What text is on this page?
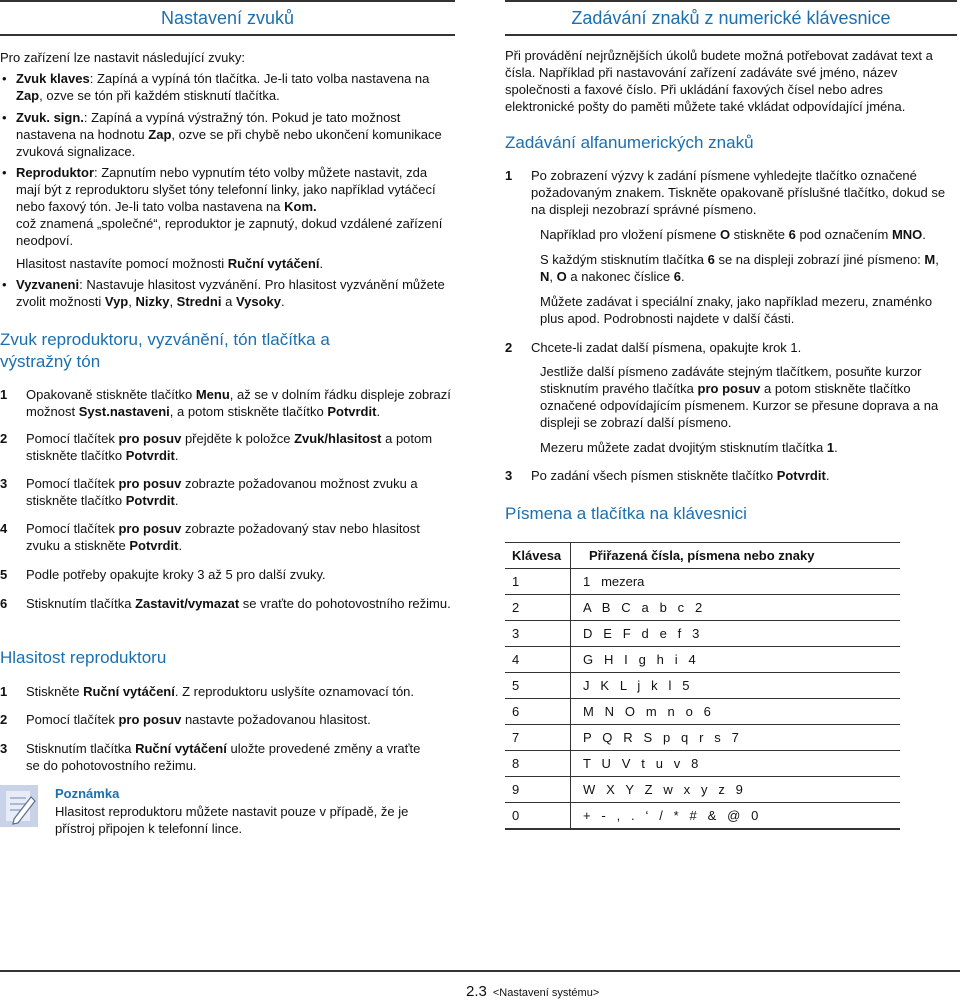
Nastavení zvuků
Pro zařízení lze nastavit následující zvuky:
• Zvuk klaves: Zapíná a vypíná tón tlačítka. Je-li tato volba nastavena na Zap, ozve se tón při každém stisknutí tlačítka.
• Zvuk. sign.: Zapíná a vypíná výstražný tón. Pokud je tato možnost nastavena na hodnotu Zap, ozve se při chybě nebo ukončení komunikace zvuková signalizace.
• Reproduktor: Zapnutím nebo vypnutím této volby můžete nastavit, zda mají být z reproduktoru slyšet tóny telefonní linky, jako například vytáčecí nebo faxový tón. Je-li tato volba nastavena na Kom.
což znamená „společné“, reproduktor je zapnutý, dokud vzdálené zařízení neodpoví.
Hlasitost nastavíte pomocí možnosti Ruční vytáčení.
• Vyzvaneni: Nastavuje hlasitost vyzvánění. Pro hlasitost vyzvánění můžete zvolit možnosti Vyp, Nizky, Stredni a Vysoky.
Zvuk reproduktoru, vyzvánění, tón tlačítka a výstražný tón
1 Opakovaně stiskněte tlačítko Menu, až se v dolním řádku displeje zobrazí možnost Syst.nastaveni, a potom stiskněte tlačítko Potvrdit.
2 Pomocí tlačítek pro posuv přejděte k položce Zvuk/hlasitost a potom stiskněte tlačítko Potvrdit.
3 Pomocí tlačítek pro posuv zobrazte požadovanou možnost zvuku a stiskněte tlačítko Potvrdit.
4 Pomocí tlačítek pro posuv zobrazte požadovaný stav nebo hlasitost zvuku a stiskněte Potvrdit.
5 Podle potřeby opakujte kroky 3 až 5 pro další zvuky.
6 Stisknutím tlačítka Zastavit/vymazat se vraťte do pohotovostního režimu.
Hlasitost reproduktoru
1 Stiskněte Ruční vytáčení. Z reproduktoru uslyšíte oznamovací tón.
2 Pomocí tlačítek pro posuv nastavte požadovanou hlasitost.
3 Stisknutím tlačítka Ruční vytáčení uložte provedené změny a vraťte se do pohotovostního režimu.
Poznámka
Hlasitost reproduktoru můžete nastavit pouze v případě, že je přístroj připojen k telefonní lince.
Zadávání znaků z numerické klávesnice
Při provádění nejrůznějších úkolů budete možná potřebovat zadávat text a čísla. Například při nastavování zařízení zadáváte své jméno, název společnosti a faxové číslo. Při ukládání faxových čísel nebo adres elektronické pošty do paměti můžete také vkládat odpovídající jména.
Zadávání alfanumerických znaků
1 Po zobrazení výzvy k zadání písmene vyhledejte tlačítko označené požadovaným znakem. Tiskněte opakovaně příslušné tlačítko, dokud se na displeji nezobrazí správné písmeno.
Například pro vložení písmene O stiskněte 6 pod označením MNO.
S každým stisknutím tlačítka 6 se na displeji zobrazí jiné písmeno: M, N, O a nakonec číslice 6.
Můžete zadávat i speciální znaky, jako například mezeru, znaménko plus apod. Podrobnosti najdete v další části.
2 Chcete-li zadat další písmena, opakujte krok 1.
Jestliže další písmeno zadáváte stejným tlačítkem, posuňte kurzor stisknutím pravého tlačítka pro posuv a potom stiskněte tlačítko označené odpovídajícím písmenem. Kurzor se přesune doprava a na displeji se zobrazí další písmeno.
Mezeru můžete zadat dvojitým stisknutím tlačítka 1.
3 Po zadání všech písmen stiskněte tlačítko Potvrdit.
Písmena a tlačítka na klávesnici
Klávesa	Přiřazená čísla, písmena nebo znaky
1	1   mezera
2	A   B   C   a   b   c   2
3	D   E   F   d   e   f   3
4	G   H   I   g   h   i   4
5	J   K   L   j   k   l   5
6	M   N   O   m   n   o   6
7	P   Q   R   S   p   q   r   s   7
8	T   U   V   t   u   v   8
9	W   X   Y   Z   w   x   y   z   9
0	+   -   ,   .   ‘   /   *   #   &   @   0
2.3 <Nastavení systému>
